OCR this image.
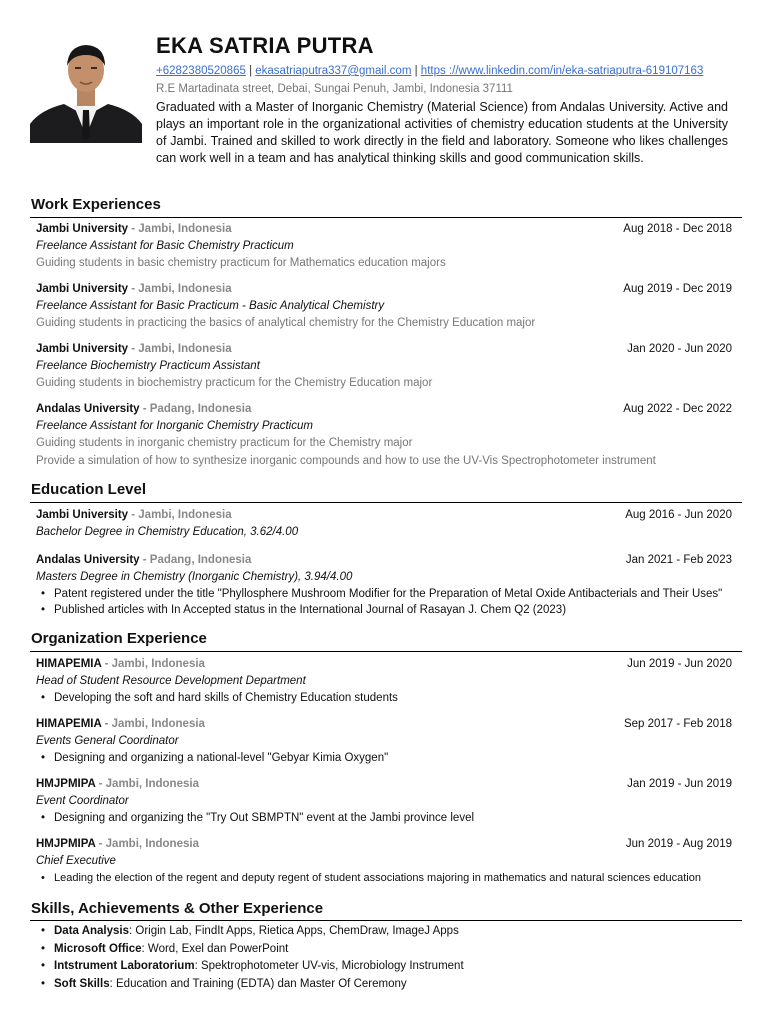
EKA SATRIA PUTRA
+6282380520865 | ekasatriaputra337@gmail.com | https ://www.linkedin.com/in/eka-satriaputra-619107163
R.E Martadinata street, Debai, Sungai Penuh, Jambi, Indonesia 37111
Graduated with a Master of Inorganic Chemistry (Material Science) from Andalas University. Active and plays an important role in the organizational activities of chemistry education students at the University of Jambi. Trained and skilled to work directly in the field and laboratory. Someone who likes challenges can work well in a team and has analytical thinking skills and good communication skills.
Work Experiences
Jambi University - Jambi, Indonesia	Aug 2018 - Dec 2018
Freelance Assistant for Basic Chemistry Practicum
Guiding students in basic chemistry practicum for Mathematics education majors
Jambi University - Jambi, Indonesia	Aug 2019 - Dec 2019
Freelance Assistant for Basic Practicum - Basic Analytical Chemistry
Guiding students in practicing the basics of analytical chemistry for the Chemistry Education major
Jambi University - Jambi, Indonesia	Jan 2020 - Jun 2020
Freelance Biochemistry Practicum Assistant
Guiding students in biochemistry practicum for the Chemistry Education major
Andalas University - Padang, Indonesia	Aug 2022 - Dec 2022
Freelance Assistant for Inorganic Chemistry Practicum
Guiding students in inorganic chemistry practicum for the Chemistry major
Provide a simulation of how to synthesize inorganic compounds and how to use the UV-Vis Spectrophotometer instrument
Education Level
Jambi University - Jambi, Indonesia	Aug 2016 - Jun 2020
Bachelor Degree in Chemistry Education, 3.62/4.00
Andalas University - Padang, Indonesia	Jan 2021 - Feb 2023
Masters Degree in Chemistry (Inorganic Chemistry), 3.94/4.00
• Patent registered under the title "Phyllosphere Mushroom Modifier for the Preparation of Metal Oxide Antibacterials and Their Uses"
• Published articles with In Accepted status in the International Journal of Rasayan J. Chem Q2 (2023)
Organization Experience
HIMAPEMIA - Jambi, Indonesia	Jun 2019 - Jun 2020
Head of Student Resource Development Department
• Developing the soft and hard skills of Chemistry Education students
HIMAPEMIA - Jambi, Indonesia	Sep 2017 - Feb 2018
Events General Coordinator
• Designing and organizing a national-level "Gebyar Kimia Oxygen"
HMJPMIPA - Jambi, Indonesia	Jan 2019 - Jun 2019
Event Coordinator
• Designing and organizing the "Try Out SBMPTN" event at the Jambi province level
HMJPMIPA - Jambi, Indonesia	Jun 2019 - Aug 2019
Chief Executive
• Leading the election of the regent and deputy regent of student associations majoring in mathematics and natural sciences education
Skills, Achievements & Other Experience
• Data Analysis: Origin Lab, FindIt Apps, Rietica Apps, ChemDraw, ImageJ Apps
• Microsoft Office: Word, Exel dan PowerPoint
• Intstrument Laboratorium: Spektrophotometer UV-vis, Microbiology Instrument
• Soft Skills: Education and Training (EDTA) dan Master Of Ceremony
